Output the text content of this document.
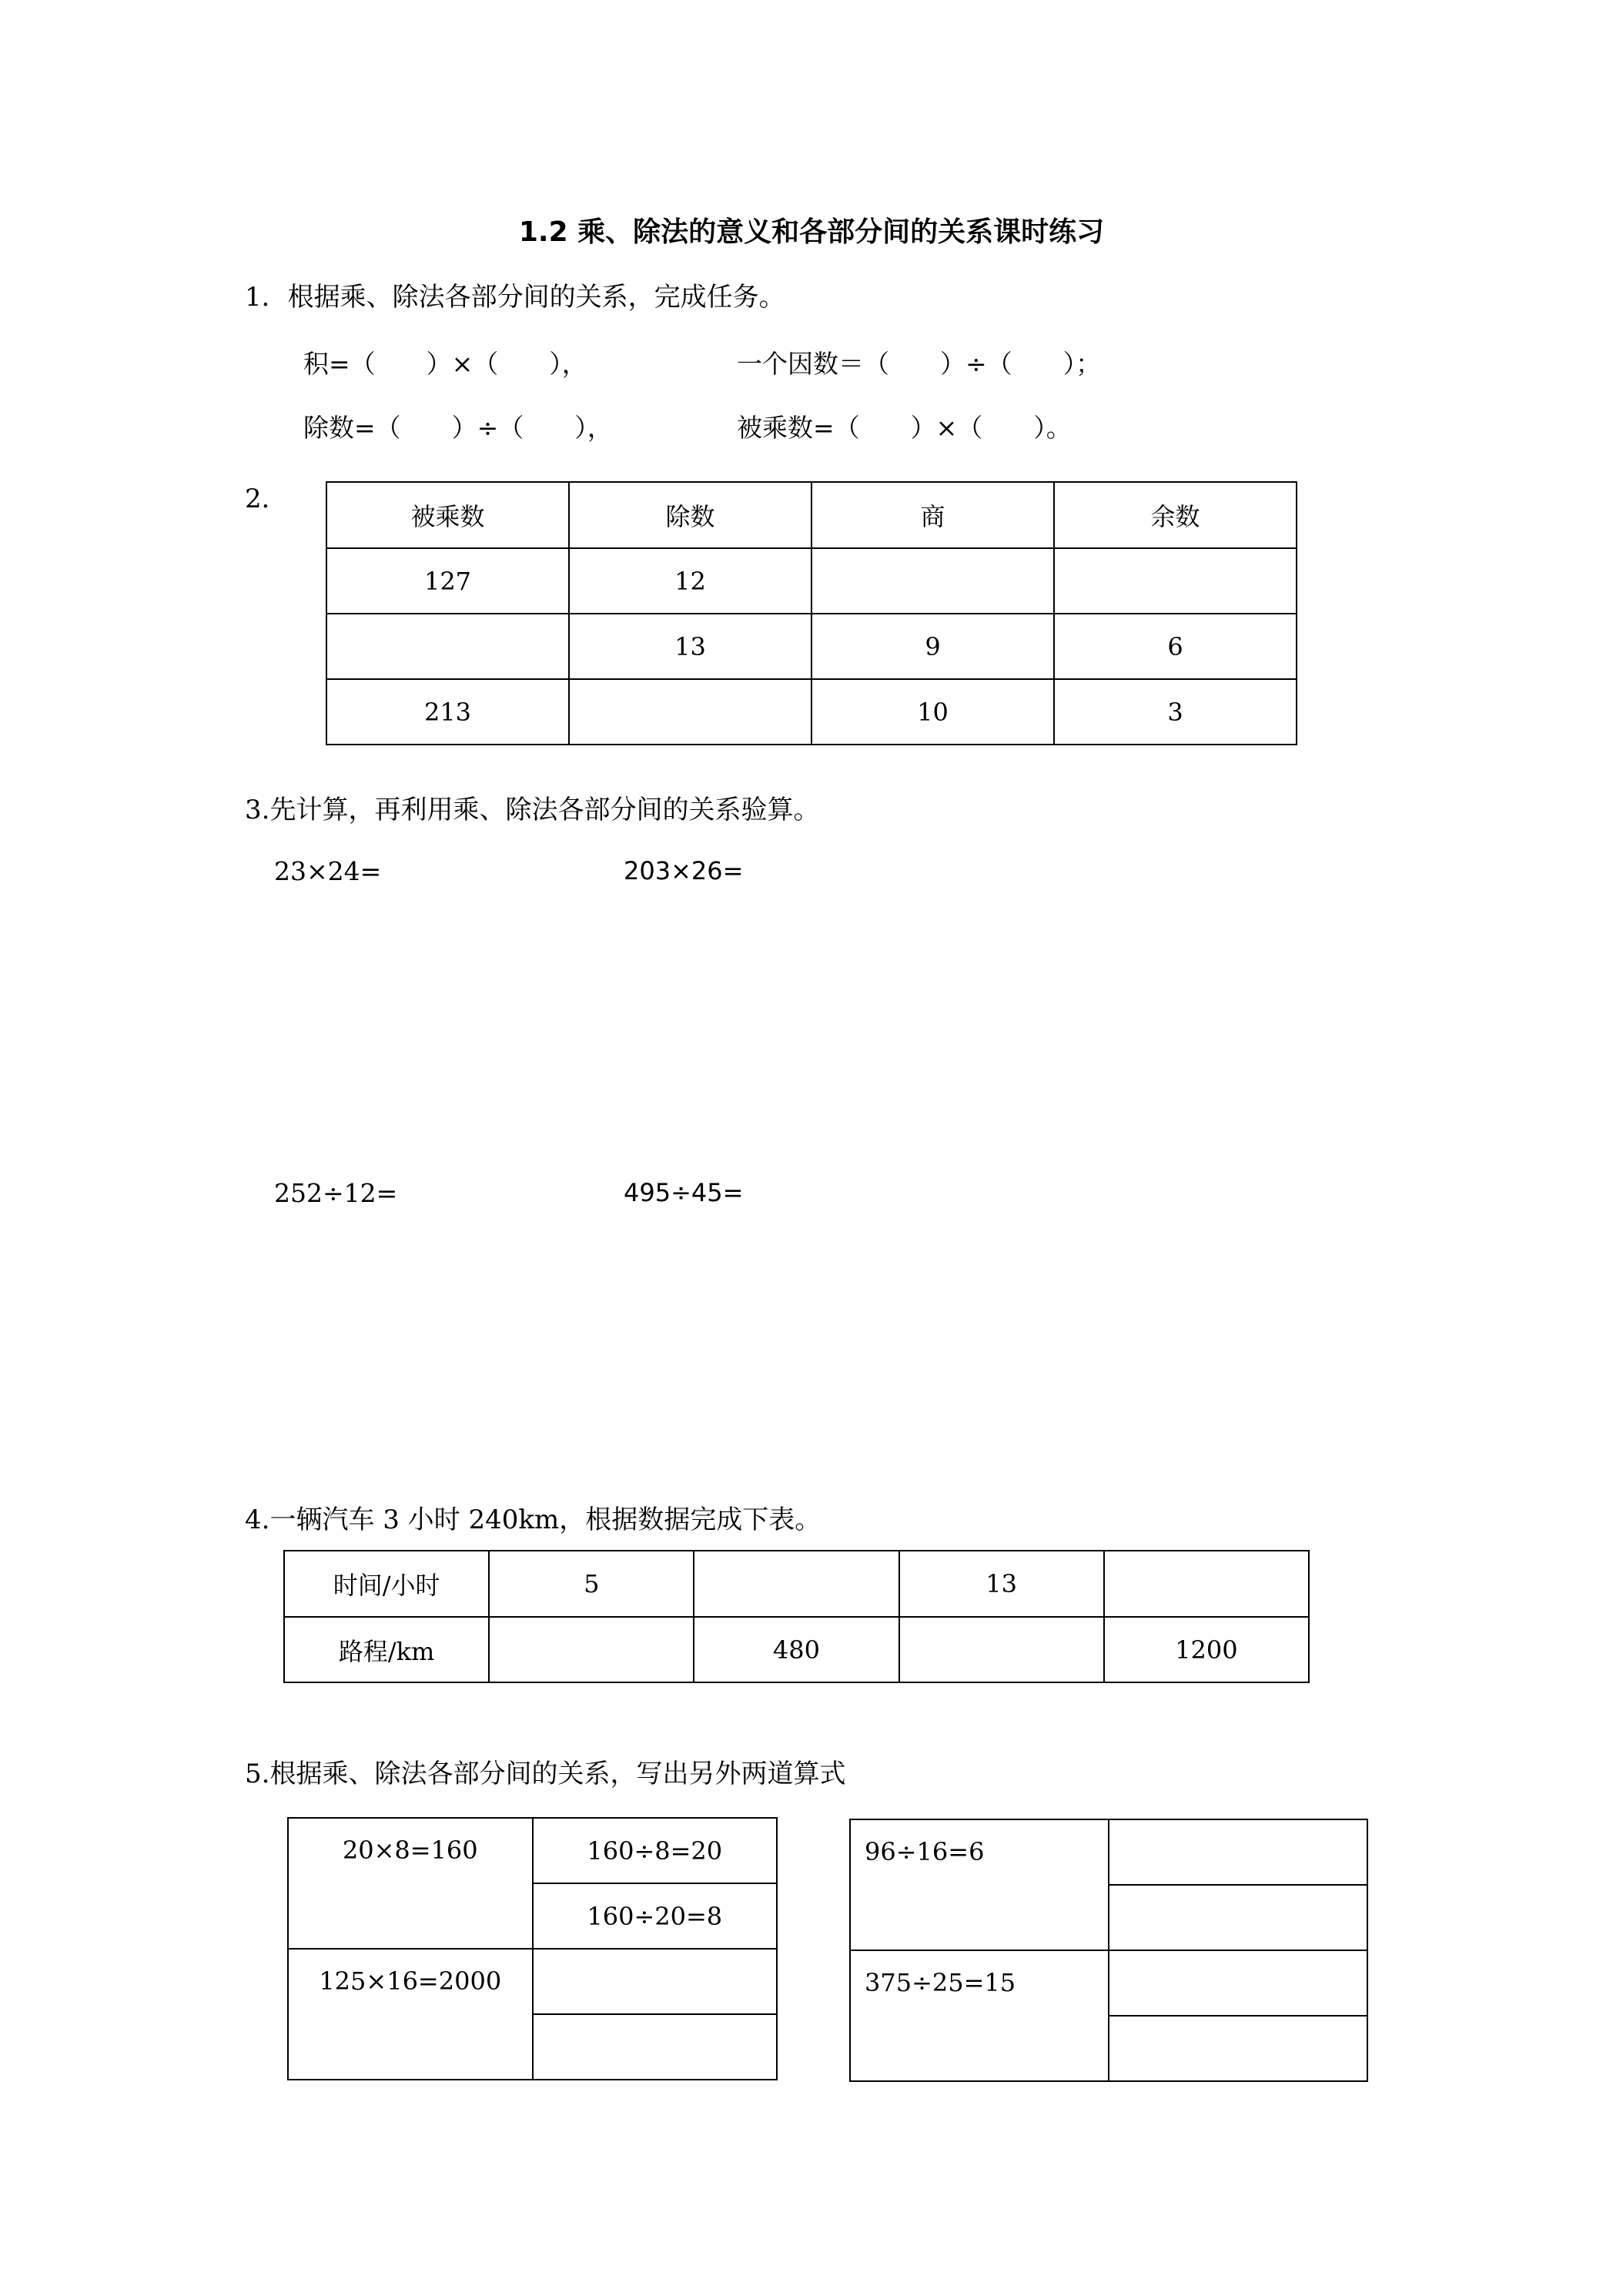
1.2 乘、除法的意义和各部分间的关系课时练习
1．根据乘、除法各部分间的关系，完成任务。
积=（　　）×（　　），	一个因数＝（　　）÷（　　）；
除数=（　　）÷（　　），	被乘数=（　　）×（　　）。
2．
被乘数	除数	商	余数
127	12		
	13	9	6
213		10	3
3.先计算，再利用乘、除法各部分间的关系验算。
23×24=	203×26=
252÷12=	495÷45=
4.一辆汽车 3 小时 240km，根据数据完成下表。
时间/小时	5		13	
路程/km		480		1200
5.根据乘、除法各部分间的关系，写出另外两道算式
20×8=160	160÷8=20
	160÷20=8
125×16=2000	

96÷16=6	

375÷25=15	
